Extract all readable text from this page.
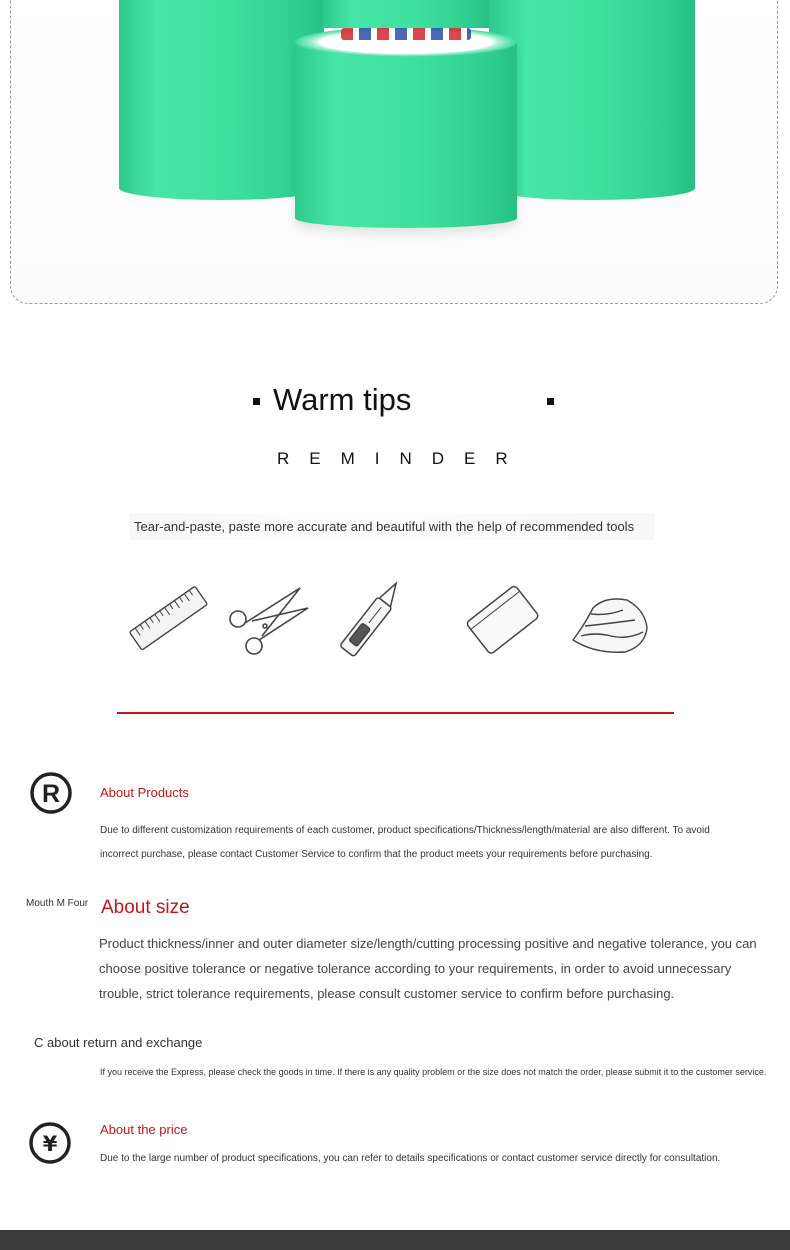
Warm tips
REMINDER
Tear-and-paste, paste more accurate and beautiful with the help of recommended tools
R	About Products
Due to different customization requirements of each customer, product specifications/Thickness/length/material are also different. To avoid incorrect purchase, please contact Customer Service to confirm that the product meets your requirements before purchasing.
Mouth M Four About size
Product thickness/inner and outer diameter size/length/cutting processing positive and negative tolerance, you can choose positive tolerance or negative tolerance according to your requirements, in order to avoid unnecessary trouble, strict tolerance requirements, please consult customer service to confirm before purchasing.
C about return and exchange
If you receive the Express, please check the goods in time. If there is any quality problem or the size does not match the order, please submit it to the customer service.
¥
About the price
Due to the large number of product specifications, you can refer to details specifications or contact customer service directly for consultation.
